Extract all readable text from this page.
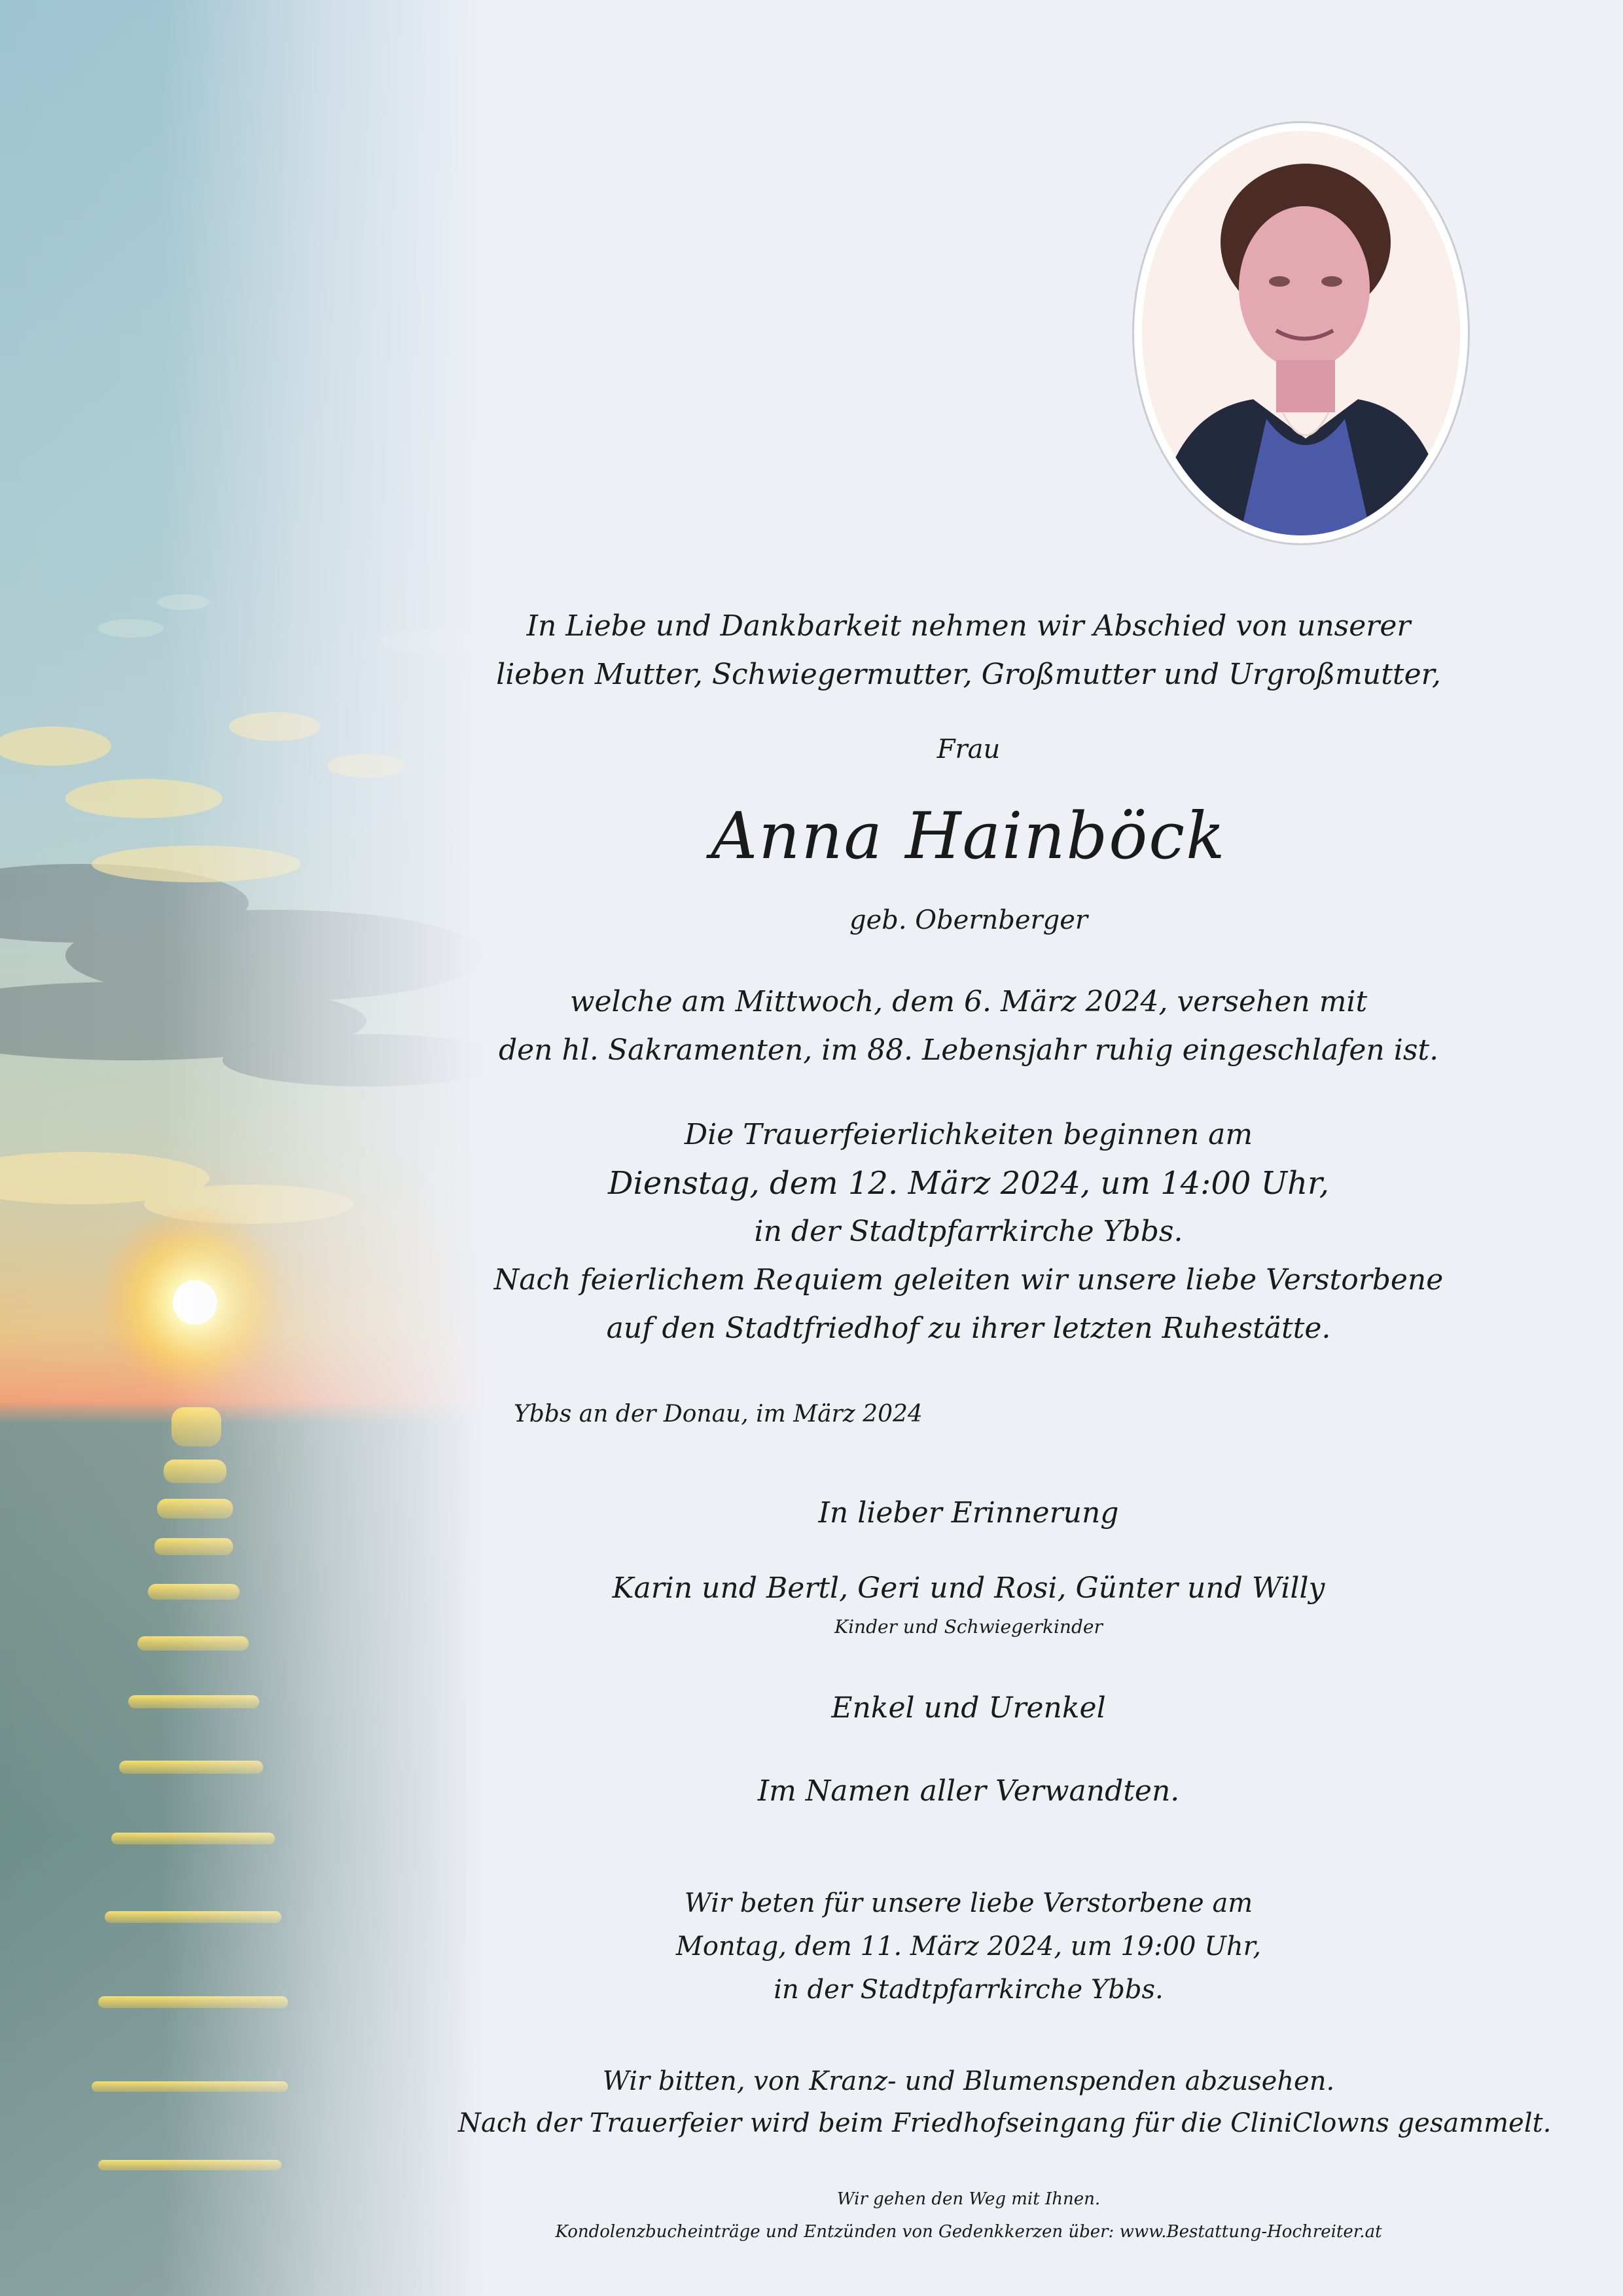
In Liebe und Dankbarkeit nehmen wir Abschied von unserer
lieben Mutter, Schwiegermutter, Großmutter und Urgroßmutter,
Frau
Anna Hainböck
geb. Obernberger
welche am Mittwoch, dem 6. März 2024, versehen mit
den hl. Sakramenten, im 88. Lebensjahr ruhig eingeschlafen ist.
Die Trauerfeierlichkeiten beginnen am
Dienstag, dem 12. März 2024, um 14:00 Uhr,
in der Stadtpfarrkirche Ybbs.
Nach feierlichem Requiem geleiten wir unsere liebe Verstorbene
auf den Stadtfriedhof zu ihrer letzten Ruhestätte.
Ybbs an der Donau, im März 2024
In lieber Erinnerung
Karin und Bertl, Geri und Rosi, Günter und Willy
Kinder und Schwiegerkinder
Enkel und Urenkel
Im Namen aller Verwandten.
Wir beten für unsere liebe Verstorbene am
Montag, dem 11. März 2024, um 19:00 Uhr,
in der Stadtpfarrkirche Ybbs.
Wir bitten, von Kranz- und Blumenspenden abzusehen.
Nach der Trauerfeier wird beim Friedhofseingang für die CliniClowns gesammelt.
Wir gehen den Weg mit Ihnen.
Kondolenzbucheinträge und Entzünden von Gedenkkerzen über: www.Bestattung-Hochreiter.at
